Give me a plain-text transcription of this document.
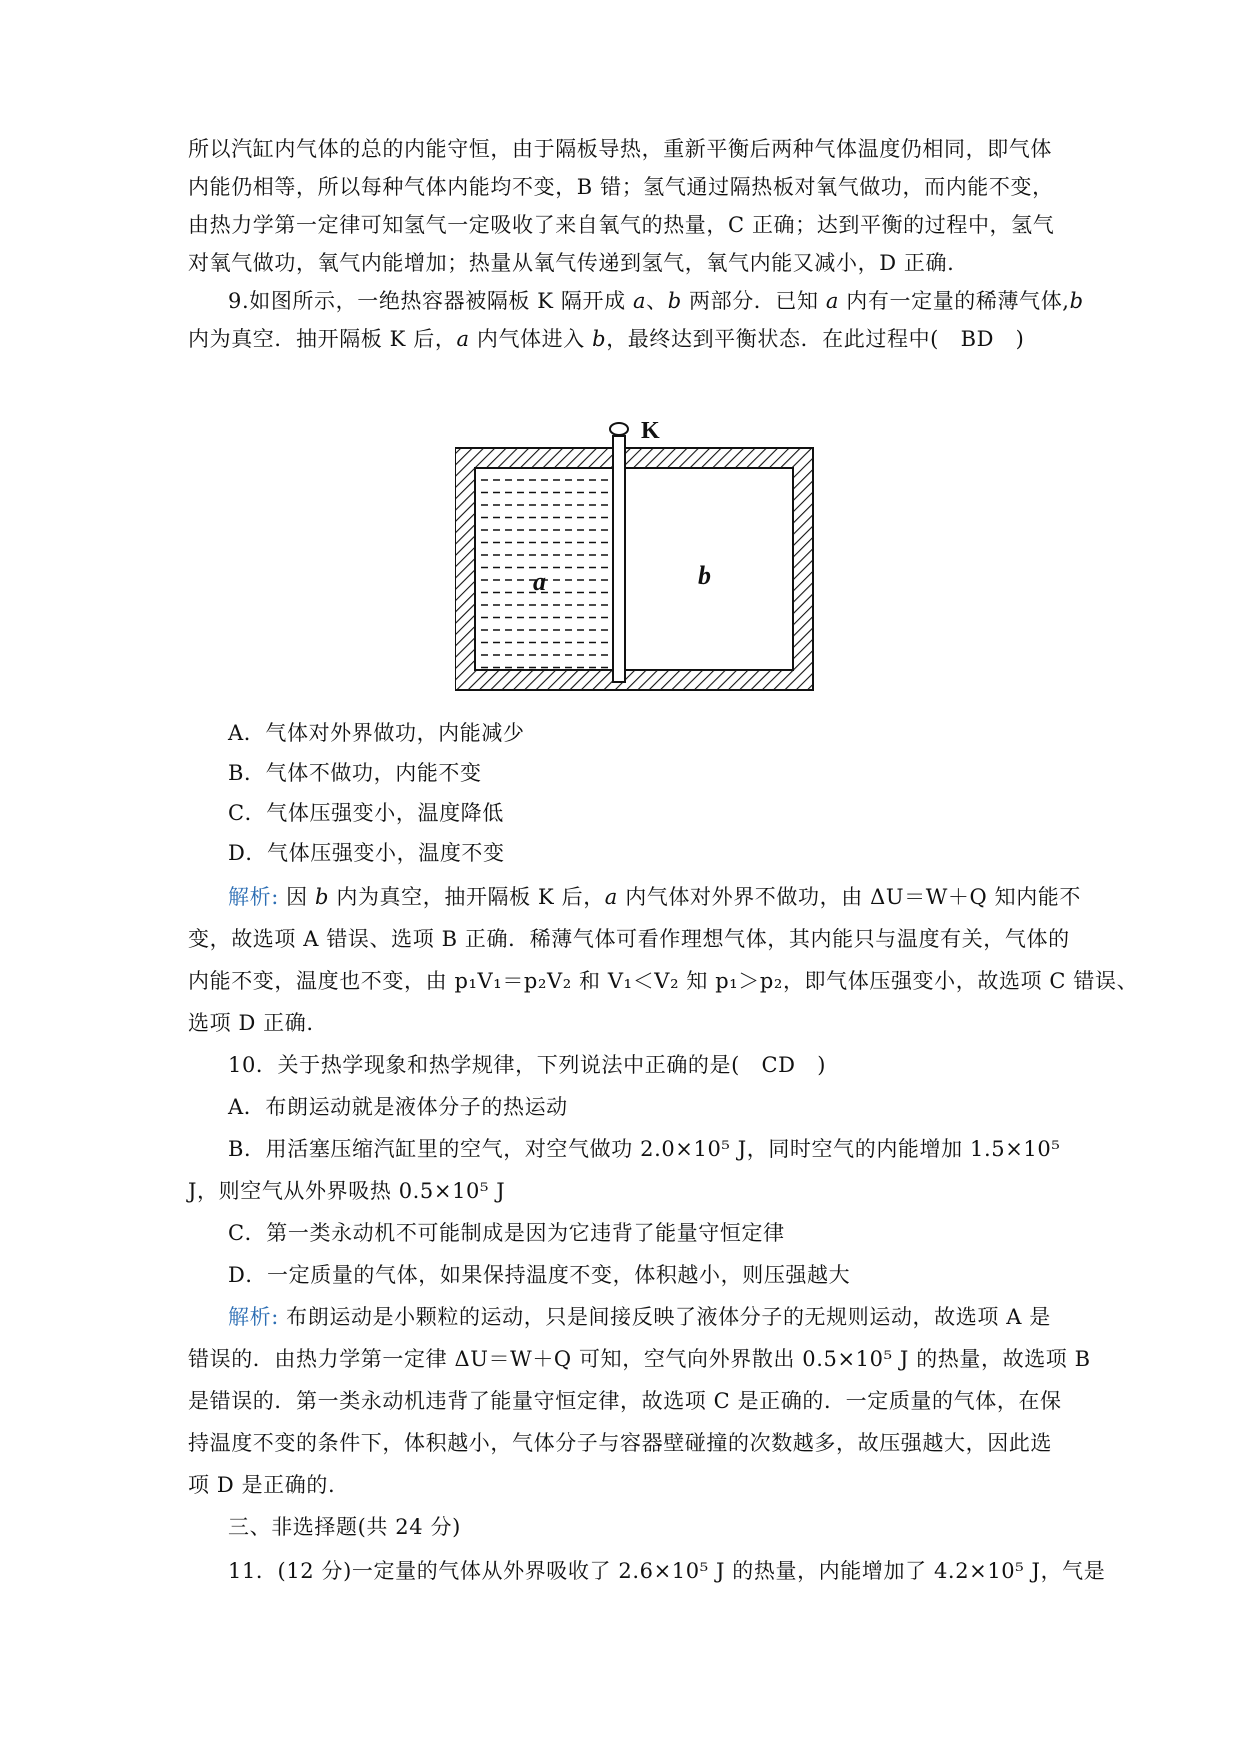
所以汽缸内气体的总的内能守恒，由于隔板导热，重新平衡后两种气体温度仍相同，即气体
内能仍相等，所以每种气体内能均不变，B 错；氢气通过隔热板对氧气做功，而内能不变，
由热力学第一定律可知氢气一定吸收了来自氧气的热量，C 正确；达到平衡的过程中，氢气
对氧气做功，氧气内能增加；热量从氧气传递到氢气，氧气内能又减小，D 正确.
9.如图所示，一绝热容器被隔板 K 隔开成 a、b 两部分．已知 a 内有一定量的稀薄气体,b
内为真空．抽开隔板 K 后，a 内气体进入 b，最终达到平衡状态．在此过程中(　BD　)
K
a	b
A．气体对外界做功，内能减少
B．气体不做功，内能不变
C．气体压强变小，温度降低
D．气体压强变小，温度不变
解析: 因 b 内为真空，抽开隔板 K 后，a 内气体对外界不做功，由 ΔU＝W＋Q 知内能不
变，故选项 A 错误、选项 B 正确．稀薄气体可看作理想气体，其内能只与温度有关，气体的
内能不变，温度也不变，由 p₁V₁＝p₂V₂ 和 V₁＜V₂ 知 p₁＞p₂，即气体压强变小，故选项 C 错误、
选项 D 正确.
10．关于热学现象和热学规律，下列说法中正确的是(　CD　)
A．布朗运动就是液体分子的热运动
B．用活塞压缩汽缸里的空气，对空气做功 2.0×10⁵ J，同时空气的内能增加 1.5×10⁵
J，则空气从外界吸热 0.5×10⁵ J
C．第一类永动机不可能制成是因为它违背了能量守恒定律
D．一定质量的气体，如果保持温度不变，体积越小，则压强越大
解析: 布朗运动是小颗粒的运动，只是间接反映了液体分子的无规则运动，故选项 A 是
错误的．由热力学第一定律 ΔU＝W＋Q 可知，空气向外界散出 0.5×10⁵ J 的热量，故选项 B
是错误的．第一类永动机违背了能量守恒定律，故选项 C 是正确的．一定质量的气体，在保
持温度不变的条件下，体积越小，气体分子与容器壁碰撞的次数越多，故压强越大，因此选
项 D 是正确的.
三、非选择题(共 24 分)
11．(12 分)一定量的气体从外界吸收了 2.6×10⁵ J 的热量，内能增加了 4.2×10⁵ J，气是
